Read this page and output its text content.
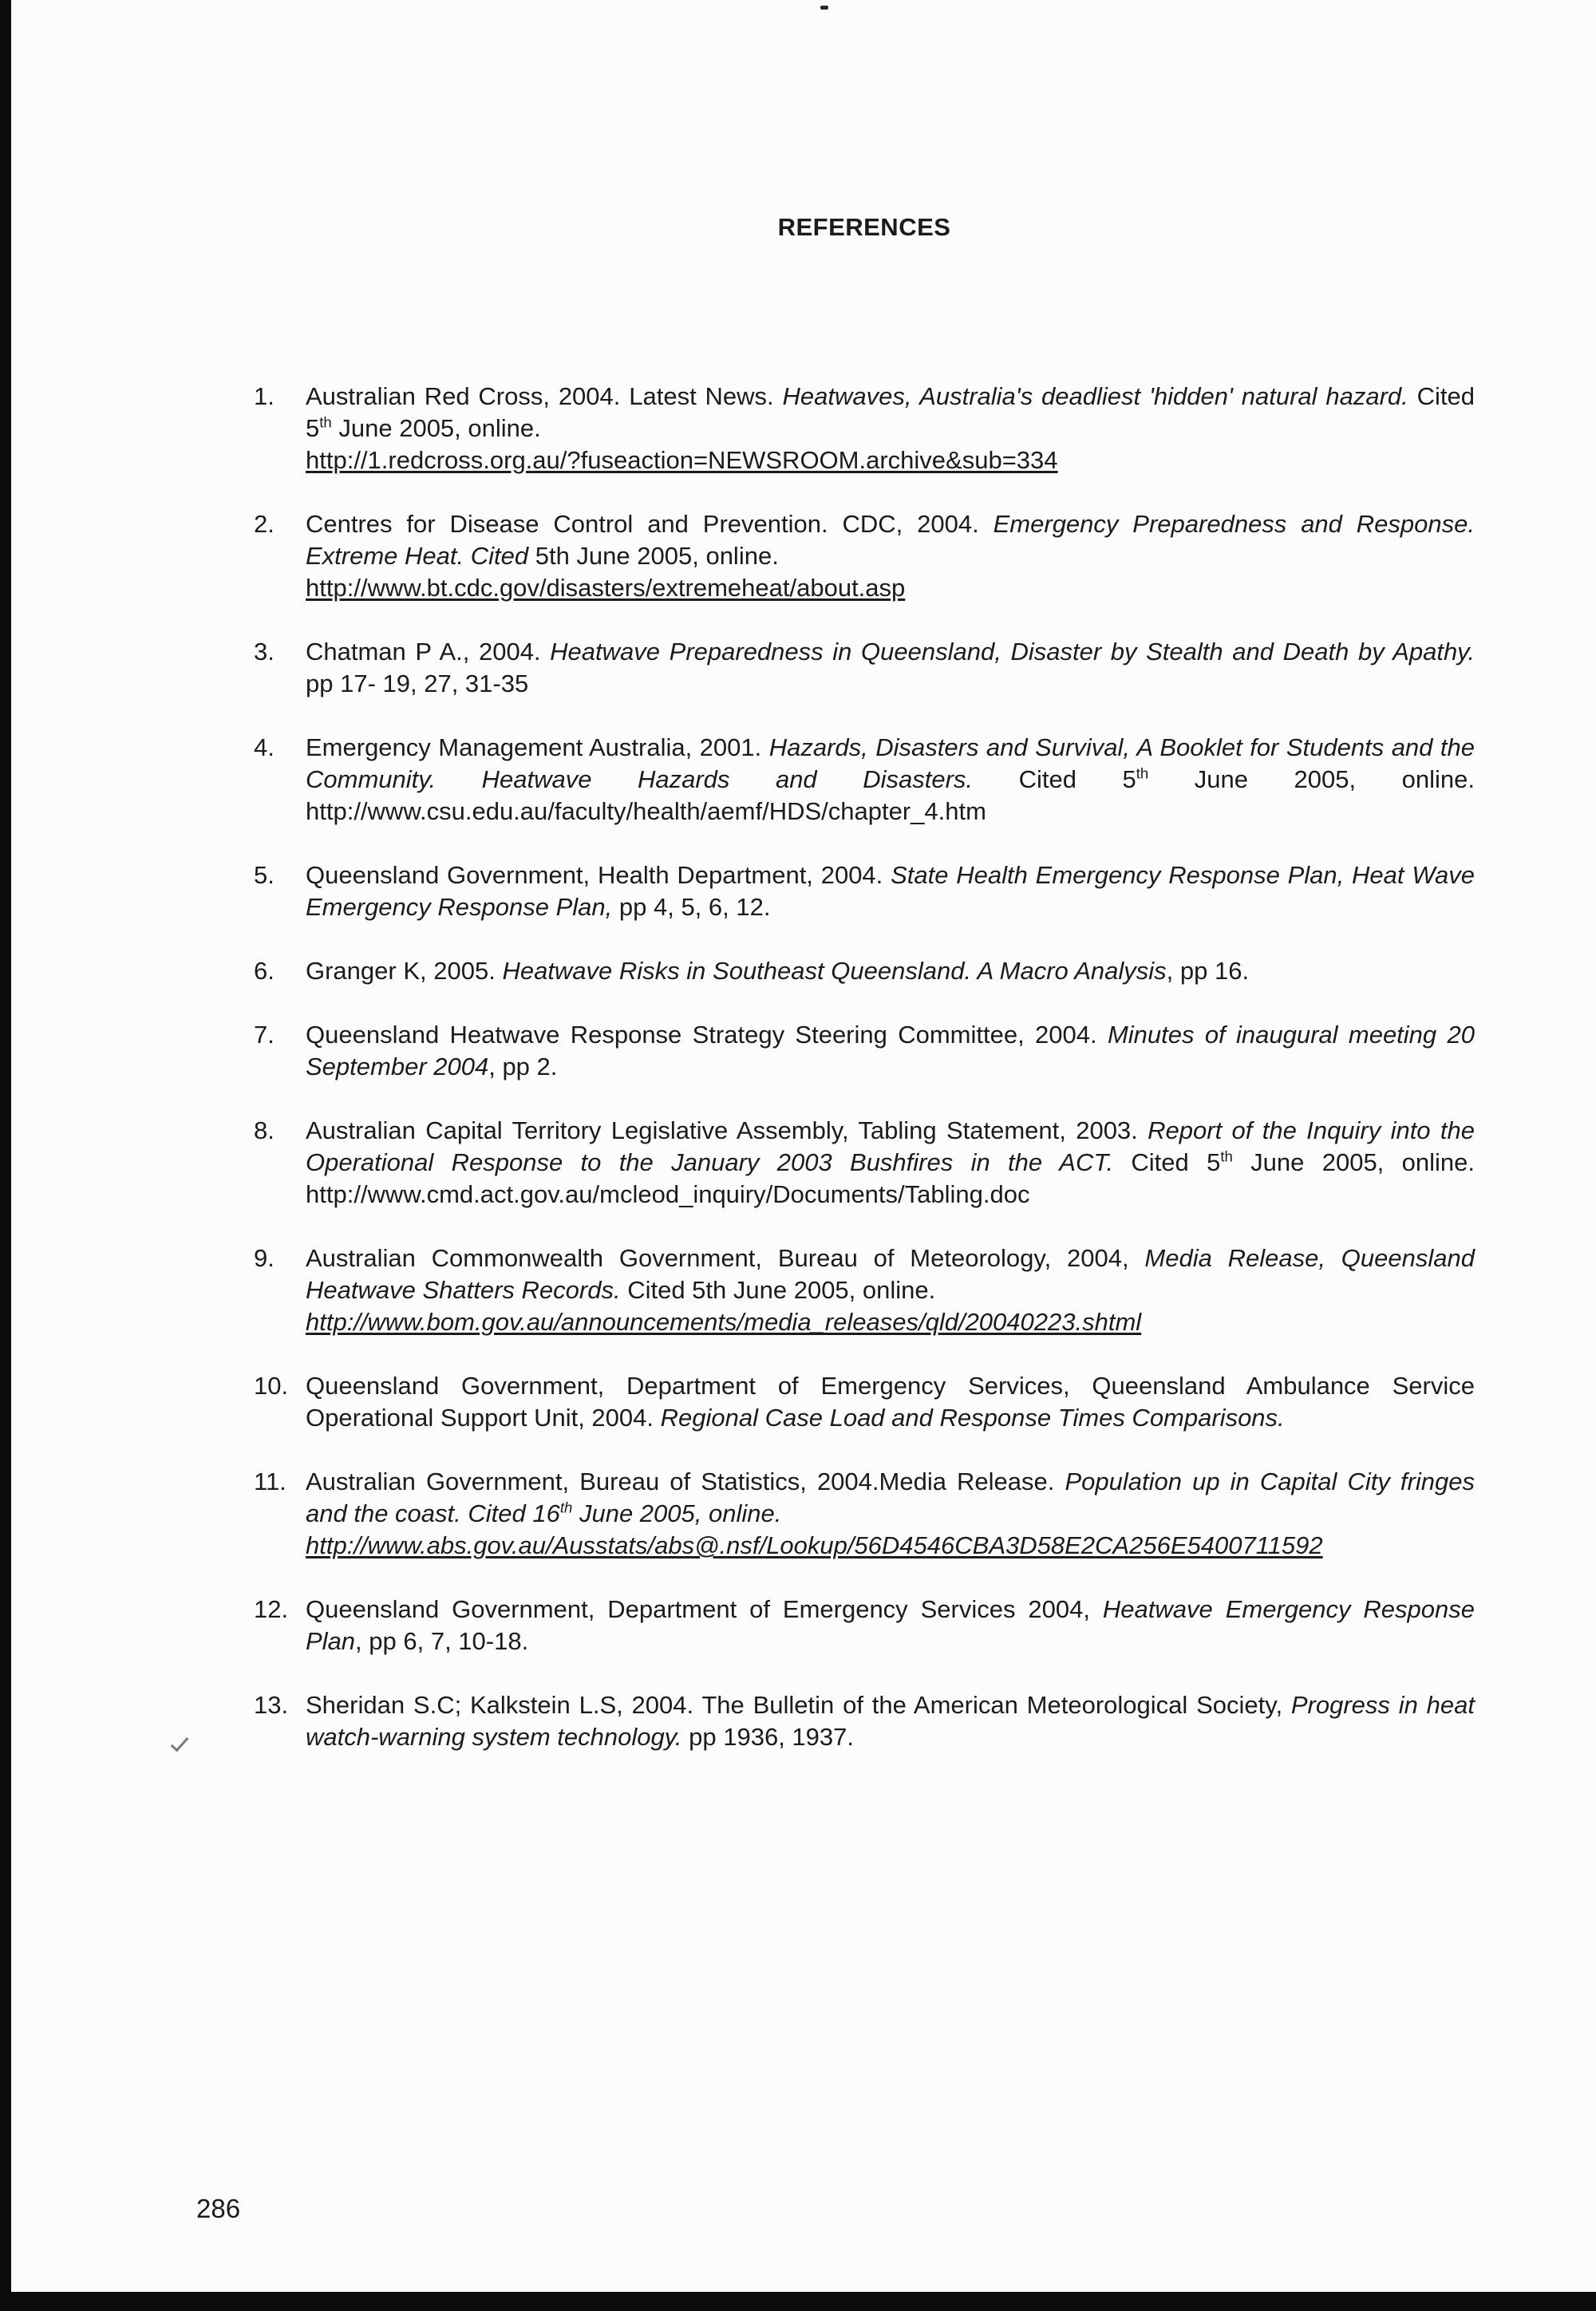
REFERENCES
1.	Australian Red Cross, 2004. Latest News. Heatwaves, Australia's deadliest 'hidden' natural hazard. Cited 5th June 2005, online.
http://1.redcross.org.au/?fuseaction=NEWSROOM.archive&sub=334
2.	Centres for Disease Control and Prevention. CDC, 2004. Emergency Preparedness and Response. Extreme Heat. Cited 5th June 2005, online.
http://www.bt.cdc.gov/disasters/extremeheat/about.asp
3.	Chatman P A., 2004. Heatwave Preparedness in Queensland, Disaster by Stealth and Death by Apathy. pp 17- 19, 27, 31-35
4.	Emergency Management Australia, 2001. Hazards, Disasters and Survival, A Booklet for Students and the Community. Heatwave Hazards and Disasters. Cited 5th June 2005, online. http://www.csu.edu.au/faculty/health/aemf/HDS/chapter_4.htm
5.	Queensland Government, Health Department, 2004. State Health Emergency Response Plan, Heat Wave Emergency Response Plan, pp 4, 5, 6, 12.
6.	Granger K, 2005. Heatwave Risks in Southeast Queensland. A Macro Analysis, pp 16.
7.	Queensland Heatwave Response Strategy Steering Committee, 2004. Minutes of inaugural meeting 20 September 2004, pp 2.
8.	Australian Capital Territory Legislative Assembly, Tabling Statement, 2003. Report of the Inquiry into the Operational Response to the January 2003 Bushfires in the ACT. Cited 5th June 2005, online. http://www.cmd.act.gov.au/mcleod_inquiry/Documents/Tabling.doc
9.	Australian Commonwealth Government, Bureau of Meteorology, 2004, Media Release, Queensland Heatwave Shatters Records. Cited 5th June 2005, online.
http://www.bom.gov.au/announcements/media_releases/qld/20040223.shtml
10. Queensland Government, Department of Emergency Services, Queensland Ambulance Service Operational Support Unit, 2004. Regional Case Load and Response Times Comparisons.
11. Australian Government, Bureau of Statistics, 2004.Media Release. Population up in Capital City fringes and the coast. Cited 16th June 2005, online.
http://www.abs.gov.au/Ausstats/abs@.nsf/Lookup/56D4546CBA3D58E2CA256E5400711592
12. Queensland Government, Department of Emergency Services 2004, Heatwave Emergency Response Plan, pp 6, 7, 10-18.
13. Sheridan S.C; Kalkstein L.S, 2004. The Bulletin of the American Meteorological Society, Progress in heat watch-warning system technology. pp 1936, 1937.
286
